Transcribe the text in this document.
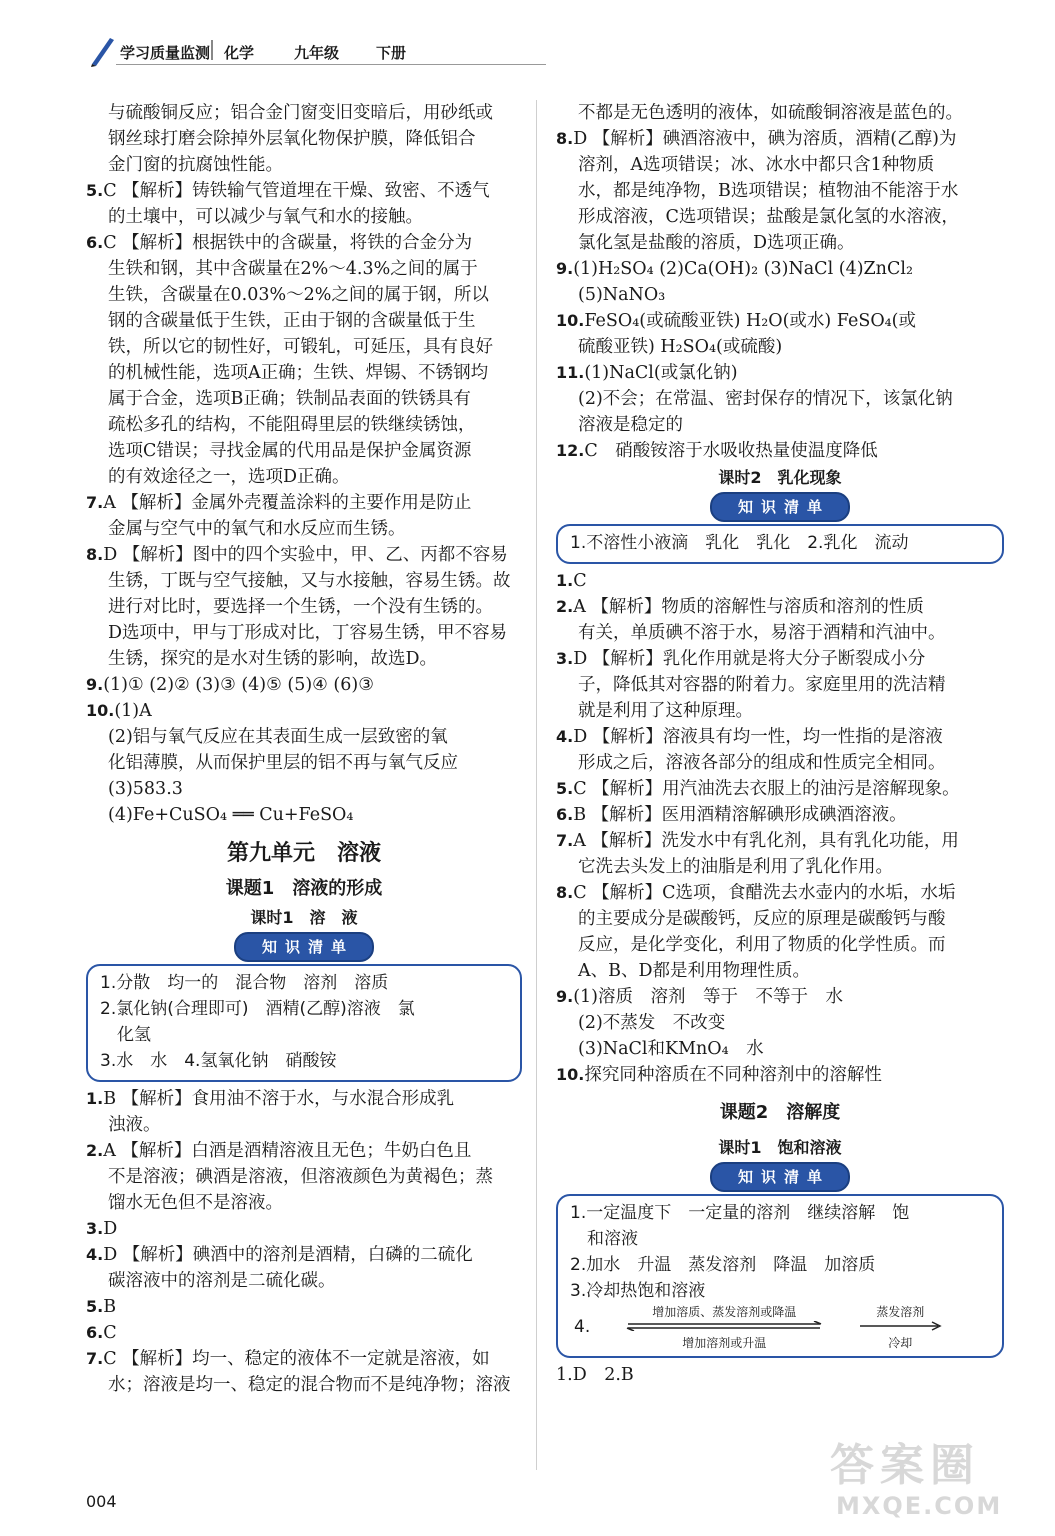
学习质量监测 化学	九年级 下册
与硫酸铜反应；铝合金门窗变旧变暗后，用砂纸或
钢丝球打磨会除掉外层氧化物保护膜，降低铝合
金门窗的抗腐蚀性能。
5.C 【解析】铸铁输气管道埋在干燥、致密、不透气
的土壤中，可以减少与氧气和水的接触。
6.C 【解析】根据铁中的含碳量，将铁的合金分为
生铁和钢，其中含碳量在2%～4.3%之间的属于
生铁，含碳量在0.03%～2%之间的属于钢，所以
钢的含碳量低于生铁，正由于钢的含碳量低于生
铁，所以它的韧性好，可锻轧，可延压，具有良好
的机械性能，选项A正确；生铁、焊锡、不锈钢均
属于合金，选项B正确；铁制品表面的铁锈具有
疏松多孔的结构，不能阻碍里层的铁继续锈蚀，
选项C错误；寻找金属的代用品是保护金属资源
的有效途径之一，选项D正确。
7.A 【解析】金属外壳覆盖涂料的主要作用是防止
金属与空气中的氧气和水反应而生锈。
8.D 【解析】图中的四个实验中，甲、乙、丙都不容易
生锈，丁既与空气接触，又与水接触，容易生锈。故
进行对比时，要选择一个生锈，一个没有生锈的。
D选项中，甲与丁形成对比，丁容易生锈，甲不容易
生锈，探究的是水对生锈的影响，故选D。
9.(1)① (2)② (3)③ (4)⑤ (5)④ (6)③
10.(1)A
(2)铝与氧气反应在其表面生成一层致密的氧
化铝薄膜，从而保护里层的铝不再与氧气反应
(3)583.3
(4)Fe+CuSO₄ ══ Cu+FeSO₄
第九单元　溶液
课题1　溶液的形成
课时1　溶　液
知识清单
1.分散　均一的　混合物　溶剂　溶质
2.氯化钠(合理即可)　酒精(乙醇)溶液　氯
　化氢
3.水　水　4.氢氧化钠　硝酸铵
1.B 【解析】食用油不溶于水，与水混合形成乳
浊液。
2.A 【解析】白酒是酒精溶液且无色；牛奶白色且
不是溶液；碘酒是溶液，但溶液颜色为黄褐色；蒸
馏水无色但不是溶液。
3.D
4.D 【解析】碘酒中的溶剂是酒精，白磷的二硫化
碳溶液中的溶剂是二硫化碳。
5.B
6.C
7.C 【解析】均一、稳定的液体不一定就是溶液，如
水；溶液是均一、稳定的混合物而不是纯净物；溶液
不都是无色透明的液体，如硫酸铜溶液是蓝色的。
8.D 【解析】碘酒溶液中，碘为溶质，酒精(乙醇)为
溶剂，A选项错误；冰、冰水中都只含1种物质
水，都是纯净物，B选项错误；植物油不能溶于水
形成溶液，C选项错误；盐酸是氯化氢的水溶液，
氯化氢是盐酸的溶质，D选项正确。
9.(1)H₂SO₄ (2)Ca(OH)₂ (3)NaCl (4)ZnCl₂
(5)NaNO₃
10.FeSO₄(或硫酸亚铁) H₂O(或水) FeSO₄(或
硫酸亚铁) H₂SO₄(或硫酸)
11.(1)NaCl(或氯化钠)
(2)不会；在常温、密封保存的情况下，该氯化钠
溶液是稳定的
12.C　硝酸铵溶于水吸收热量使温度降低
课时2　乳化现象
知识清单
1.不溶性小液滴　乳化　乳化　2.乳化　流动
1.C
2.A 【解析】物质的溶解性与溶质和溶剂的性质
有关，单质碘不溶于水，易溶于酒精和汽油中。
3.D 【解析】乳化作用就是将大分子断裂成小分
子，降低其对容器的附着力。家庭里用的洗洁精
就是利用了这种原理。
4.D 【解析】溶液具有均一性，均一性指的是溶液
形成之后，溶液各部分的组成和性质完全相同。
5.C 【解析】用汽油洗去衣服上的油污是溶解现象。
6.B 【解析】医用酒精溶解碘形成碘酒溶液。
7.A 【解析】洗发水中有乳化剂，具有乳化功能，用
它洗去头发上的油脂是利用了乳化作用。
8.C 【解析】C选项，食醋洗去水壶内的水垢，水垢
的主要成分是碳酸钙，反应的原理是碳酸钙与酸
反应，是化学变化，利用了物质的化学性质。而
A、B、D都是利用物理性质。
9.(1)溶质　溶剂　等于　不等于　水
(2)不蒸发　不改变
(3)NaCl和KMnO₄　水
10.探究同种溶质在不同种溶剂中的溶解性
课题2　溶解度
课时1　饱和溶液
知识清单
1.一定温度下　一定量的溶剂　继续溶解　饱
　和溶液
2.加水　升温　蒸发溶剂　降温　加溶质
3.冷却热饱和溶液
4.
增加溶质、蒸发溶剂或降温
增加溶剂或升温
蒸发溶剂
冷却
1.D　2.B
004
答案圈
MXQE.COM
